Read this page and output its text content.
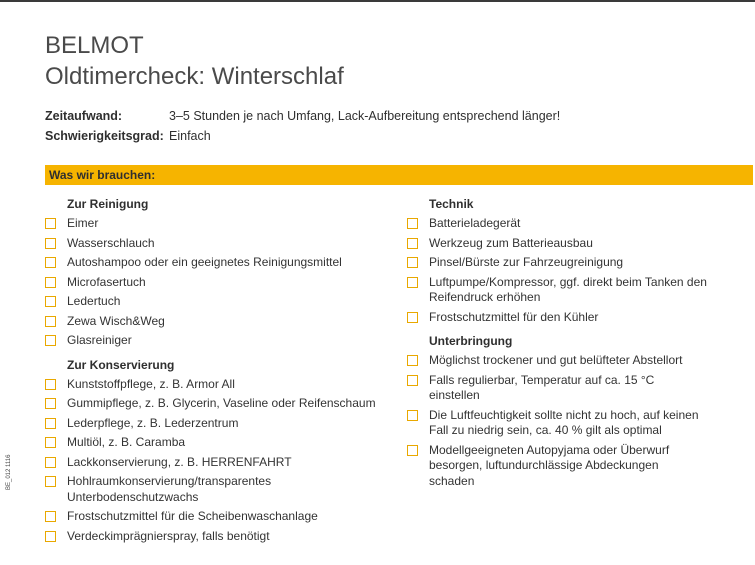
BELMOT
Oldtimercheck: Winterschlaf
Zeitaufwand:	3–5 Stunden je nach Umfang, Lack-Aufbereitung entsprechend länger!
Schwierigkeitsgrad: Einfach
Was wir brauchen:
Zur Reinigung
Eimer
Wasserschlauch
Autoshampoo oder ein geeignetes Reinigungsmittel
Microfasertuch
Ledertuch
Zewa Wisch&Weg
Glasreiniger
Zur Konservierung
Kunststoffpflege, z. B. Armor All
Gummipflege, z. B. Glycerin, Vaseline oder Reifenschaum
Lederpflege, z. B. Lederzentrum
Multiöl, z. B. Caramba
Lackkonservierung, z. B. HERRENFAHRT
Hohlraumkonservierung/transparentes Unterbodenschutzwachs
Frostschutzmittel für die Scheibenwaschanlage
Verdeckimprägnierspray, falls benötigt
Technik
Batterieladegerät
Werkzeug zum Batterieausbau
Pinsel/Bürste zur Fahrzeugreinigung
Luftpumpe/Kompressor, ggf. direkt beim Tanken den Reifendruck erhöhen
Frostschutzmittel für den Kühler
Unterbringung
Möglichst trockener und gut belüfteter Abstellort
Falls regulierbar, Temperatur auf ca. 15 °C einstellen
Die Luftfeuchtigkeit sollte nicht zu hoch, auf keinen Fall zu niedrig sein, ca. 40 % gilt als optimal
Modellgeeigneten Autopyjama oder Überwurf besorgen, luftundurchlässige Abdeckungen schaden
BE_012 1116
